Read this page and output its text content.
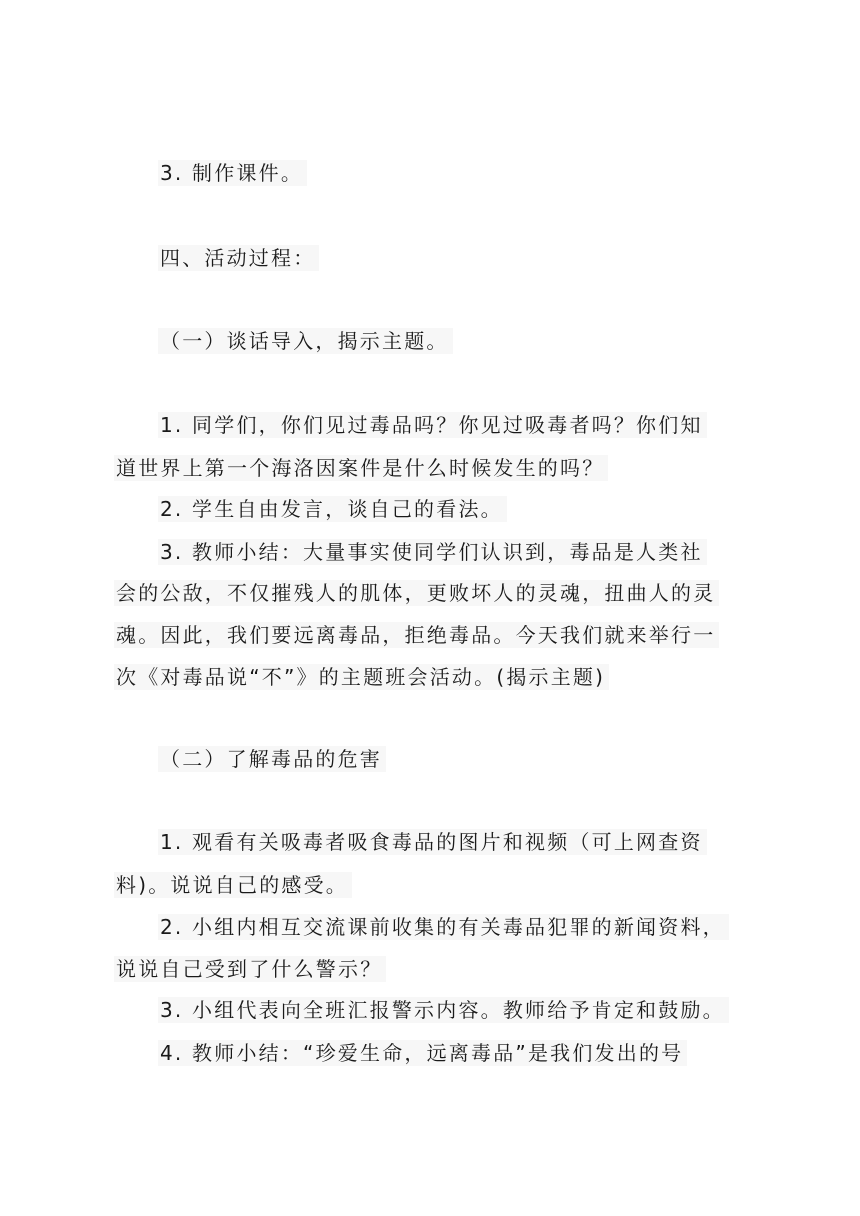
3. 制作课件。
四、活动过程：
（一）谈话导入，揭示主题。
1. 同学们，你们见过毒品吗？你见过吸毒者吗？你们知
道世界上第一个海洛因案件是什么时候发生的吗？
2. 学生自由发言，谈自己的看法。
3. 教师小结：大量事实使同学们认识到，毒品是人类社
会的公敌，不仅摧残人的肌体，更败坏人的灵魂，扭曲人的灵
魂。因此，我们要远离毒品，拒绝毒品。今天我们就来举行一
次《对毒品说“不”》的主题班会活动。(揭示主题)
（二）了解毒品的危害
1. 观看有关吸毒者吸食毒品的图片和视频（可上网查资
料)。说说自己的感受。
2. 小组内相互交流课前收集的有关毒品犯罪的新闻资料，
说说自己受到了什么警示？
3. 小组代表向全班汇报警示内容。教师给予肯定和鼓励。
4. 教师小结：“珍爱生命，远离毒品”是我们发出的号
